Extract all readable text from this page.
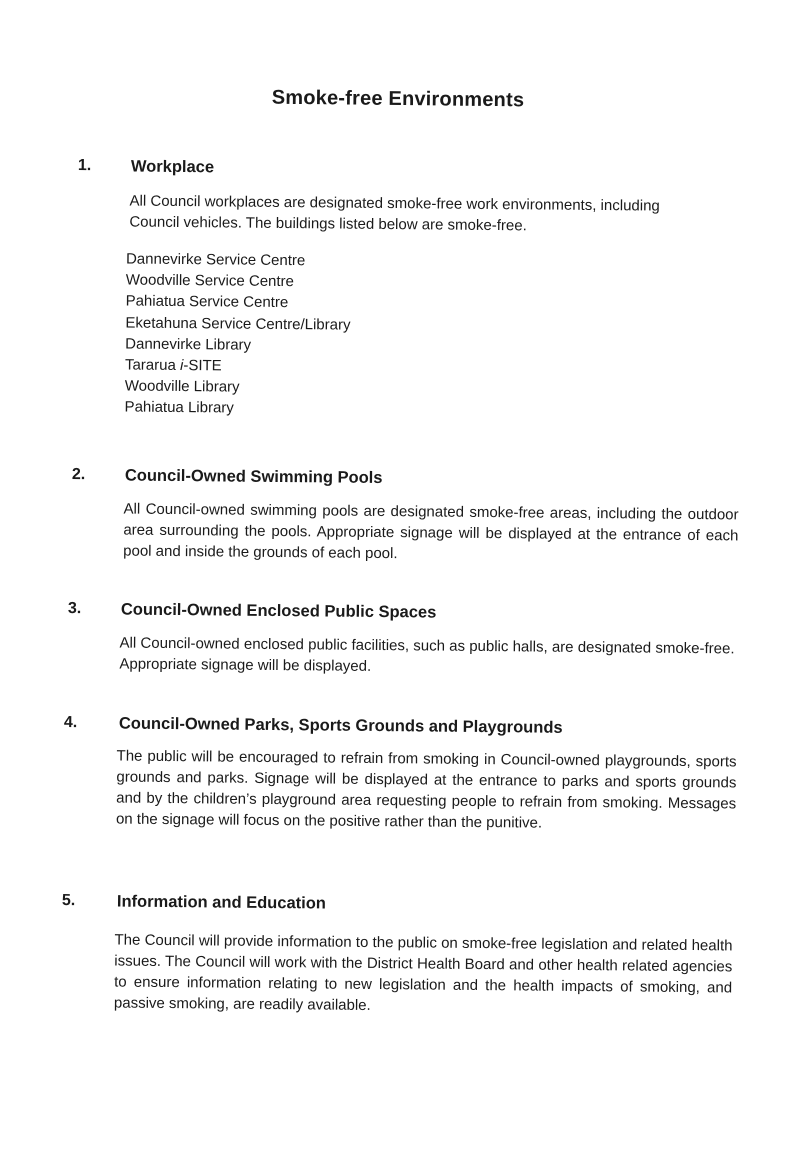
Smoke-free Environments
1. Workplace

All Council workplaces are designated smoke-free work environments, including Council vehicles. The buildings listed below are smoke-free.

Dannevirke Service Centre
Woodville Service Centre
Pahiatua Service Centre
Eketahuna Service Centre/Library
Dannevirke Library
Tararua i-SITE
Woodville Library
Pahiatua Library
2. Council-Owned Swimming Pools
All Council-owned swimming pools are designated smoke-free areas, including the outdoor area surrounding the pools. Appropriate signage will be displayed at the entrance of each pool and inside the grounds of each pool.
3. Council-Owned Enclosed Public Spaces
All Council-owned enclosed public facilities, such as public halls, are designated smoke-free. Appropriate signage will be displayed.
4.	Council-Owned Parks, Sports Grounds and Playgrounds
The public will be encouraged to refrain from smoking in Council-owned playgrounds, sports grounds and parks. Signage will be displayed at the entrance to parks and sports grounds and by the children’s playground area requesting people to refrain from smoking. Messages on the signage will focus on the positive rather than the punitive.
5.	Information and Education
The Council will provide information to the public on smoke-free legislation and related health issues. The Council will work with the District Health Board and other health related agencies to ensure information relating to new legislation and the health impacts of smoking, and passive smoking, are readily available.
